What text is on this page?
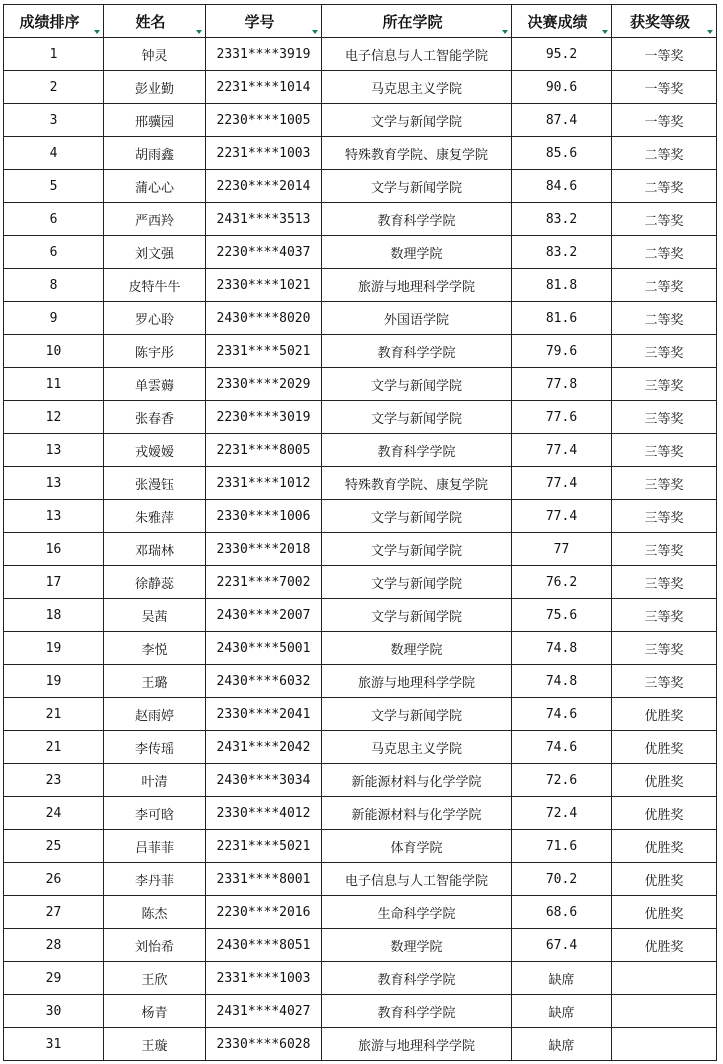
成绩排序	姓名	学号	所在学院	决赛成绩	获奖等级

1	钟灵	2331****3919	电子信息与人工智能学院	95.2	一等奖
2	彭业勤	2231****1014	马克思主义学院	90.6	一等奖
3	邢骥园	2230****1005	文学与新闻学院	87.4	一等奖
4	胡雨鑫	2231****1003	特殊教育学院、康复学院	85.6	二等奖
5	蒲心心	2230****2014	文学与新闻学院	84.6	二等奖
6	严西羚	2431****3513	教育科学学院	83.2	二等奖
6	刘文强	2230****4037	数理学院	83.2	二等奖
8	皮特牛牛	2330****1021	旅游与地理科学学院	81.8	二等奖
9	罗心聆	2430****8020	外国语学院	81.6	二等奖
10	陈宇彤	2331****5021	教育科学学院	79.6	三等奖
11	单雲薅	2330****2029	文学与新闻学院	77.8	三等奖
12	张春香	2230****3019	文学与新闻学院	77.6	三等奖
13	戎嫒嫒	2231****8005	教育科学学院	77.4	三等奖
13	张漫钰	2331****1012	特殊教育学院、康复学院	77.4	三等奖
13	朱雅萍	2330****1006	文学与新闻学院	77.4	三等奖
16	邓瑞林	2330****2018	文学与新闻学院	77	三等奖
17	徐静蕊	2231****7002	文学与新闻学院	76.2	三等奖
18	吴茜	2430****2007	文学与新闻学院	75.6	三等奖
19	李悦	2430****5001	数理学院	74.8	三等奖
19	王璐	2430****6032	旅游与地理科学学院	74.8	三等奖
21	赵雨婷	2330****2041	文学与新闻学院	74.6	优胜奖
21	李传瑶	2431****2042	马克思主义学院	74.6	优胜奖
23	叶清	2430****3034	新能源材料与化学学院	72.6	优胜奖
24	李可晗	2330****4012	新能源材料与化学学院	72.4	优胜奖
25	吕菲菲	2231****5021	体育学院	71.6	优胜奖
26	李丹菲	2331****8001	电子信息与人工智能学院	70.2	优胜奖
27	陈杰	2230****2016	生命科学学院	68.6	优胜奖
28	刘怡希	2430****8051	数理学院	67.4	优胜奖
29	王欣	2331****1003	教育科学学院	缺席	
30	杨青	2431****4027	教育科学学院	缺席	
31	王璇	2330****6028	旅游与地理科学学院	缺席	
